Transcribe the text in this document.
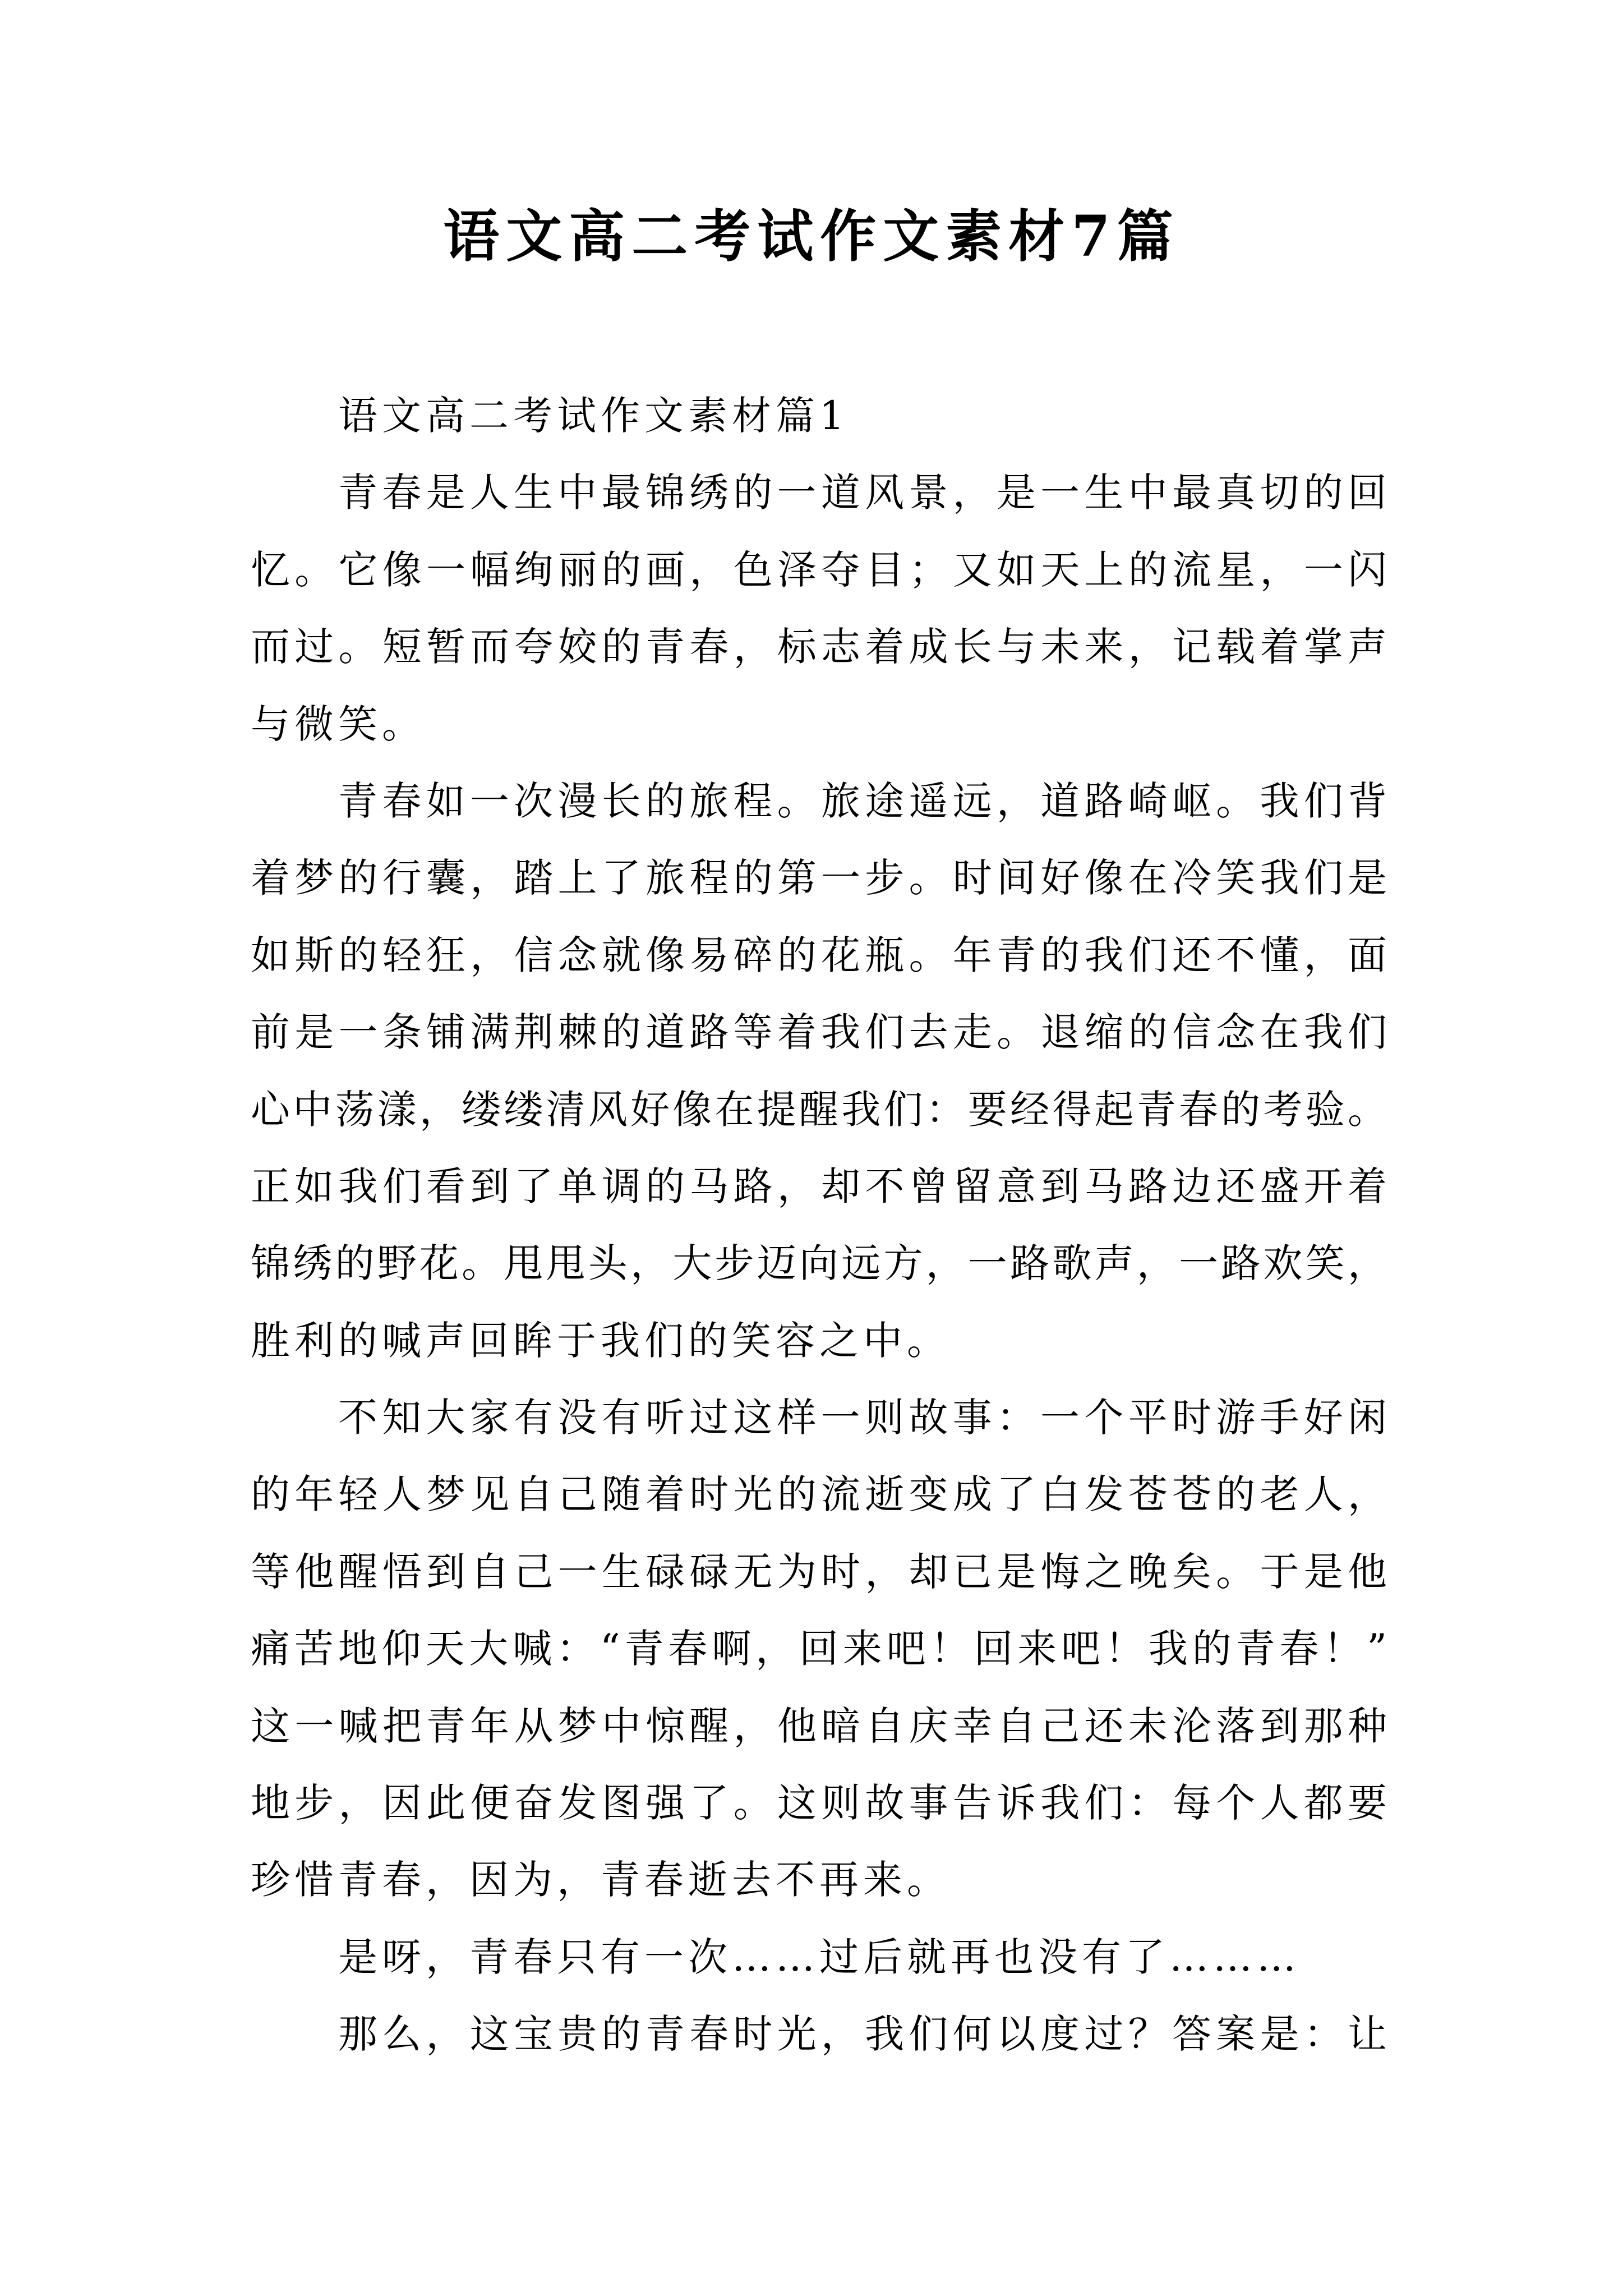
语文高二考试作文素材7篇
语文高二考试作文素材篇1
青春是人生中最锦绣的一道风景，是一生中最真切的回
忆。它像一幅绚丽的画，色泽夺目；又如天上的流星，一闪
而过。短暂而夸姣的青春，标志着成长与未来，记载着掌声
与微笑。
青春如一次漫长的旅程。旅途遥远，道路崎岖。我们背
着梦的行囊，踏上了旅程的第一步。时间好像在冷笑我们是
如斯的轻狂，信念就像易碎的花瓶。年青的我们还不懂，面
前是一条铺满荆棘的道路等着我们去走。退缩的信念在我们
心中荡漾，缕缕清风好像在提醒我们：要经得起青春的考验。
正如我们看到了单调的马路，却不曾留意到马路边还盛开着
锦绣的野花。甩甩头，大步迈向远方，一路歌声，一路欢笑，
胜利的喊声回眸于我们的笑容之中。
不知大家有没有听过这样一则故事：一个平时游手好闲
的年轻人梦见自己随着时光的流逝变成了白发苍苍的老人，
等他醒悟到自己一生碌碌无为时，却已是悔之晚矣。于是他
痛苦地仰天大喊：“青春啊，回来吧！回来吧！我的青春！”
这一喊把青年从梦中惊醒，他暗自庆幸自己还未沦落到那种
地步，因此便奋发图强了。这则故事告诉我们：每个人都要
珍惜青春，因为，青春逝去不再来。
是呀，青春只有一次……过后就再也没有了………
那么，这宝贵的青春时光，我们何以度过？答案是：让
